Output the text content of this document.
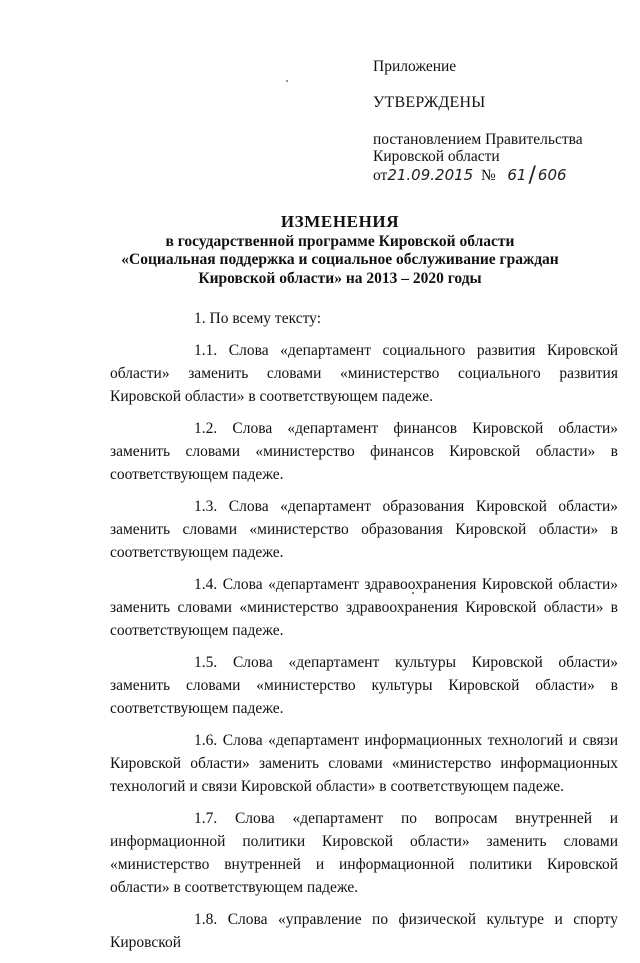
Приложение

УТВЕРЖДЕНЫ

постановлением Правительства
Кировской области
от21.09.2015 № 61/ 606

ИЗМЕНЕНИЯ
в государственной программе Кировской области
«Социальная поддержка и социальное обслуживание граждан
Кировской области» на 2013 – 2020 годы

1. По всему тексту:

1.1. Слова «департамент социального развития Кировской области» заменить словами «министерство социального развития Кировской области» в соответствующем падеже.

1.2. Слова «департамент финансов Кировской области» заменить словами «министерство финансов Кировской области» в соответствующем падеже.

1.3. Слова «департамент образования Кировской области» заменить словами «министерство образования Кировской области» в соответствующем падеже.

1.4. Слова «департамент здравоохранения Кировской области» заменить словами «министерство здравоохранения Кировской области» в соответствующем падеже.

1.5. Слова «департамент культуры Кировской области» заменить словами «министерство культуры Кировской области» в соответствующем падеже.

1.6. Слова «департамент информационных технологий и связи Кировской области» заменить словами «министерство информационных технологий и связи Кировской области» в соответствующем падеже.

1.7. Слова «департамент по вопросам внутренней и информационной политики Кировской области» заменить словами «министерство внутренней и информационной политики Кировской области» в соответствующем падеже.

1.8. Слова «управление по физической культуре и спорту Кировской
